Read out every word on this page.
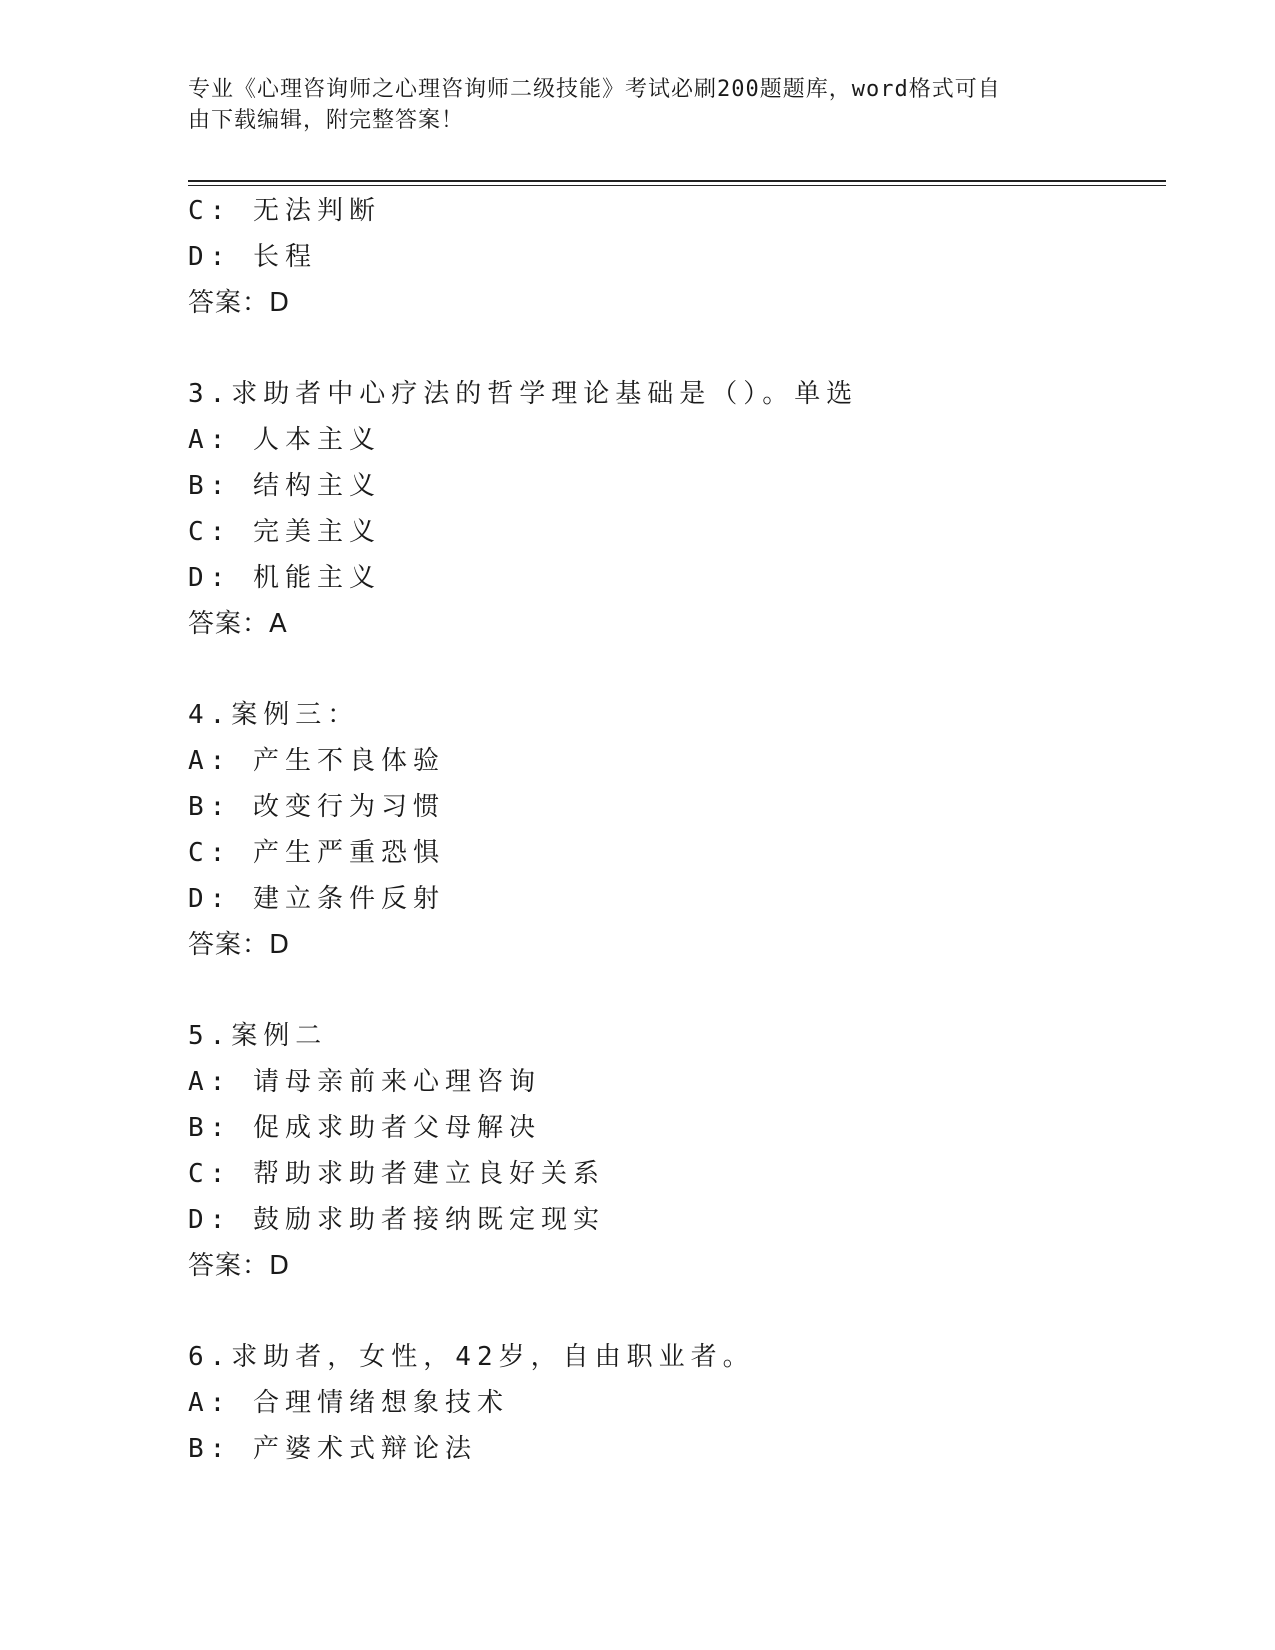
专业《心理咨询师之心理咨询师二级技能》考试必刷200题题库，word格式可自
由下载编辑，附完整答案！
C: 无法判断
D: 长程
答案：D
3.求助者中心疗法的哲学理论基础是（）。单选
A: 人本主义
B: 结构主义
C: 完美主义
D: 机能主义
答案：A
4.案例三：
A: 产生不良体验
B: 改变行为习惯
C: 产生严重恐惧
D: 建立条件反射
答案：D
5.案例二
A: 请母亲前来心理咨询
B: 促成求助者父母解决
C: 帮助求助者建立良好关系
D: 鼓励求助者接纳既定现实
答案：D
6.求助者，女性，42岁，自由职业者。
A: 合理情绪想象技术
B: 产婆术式辩论法
